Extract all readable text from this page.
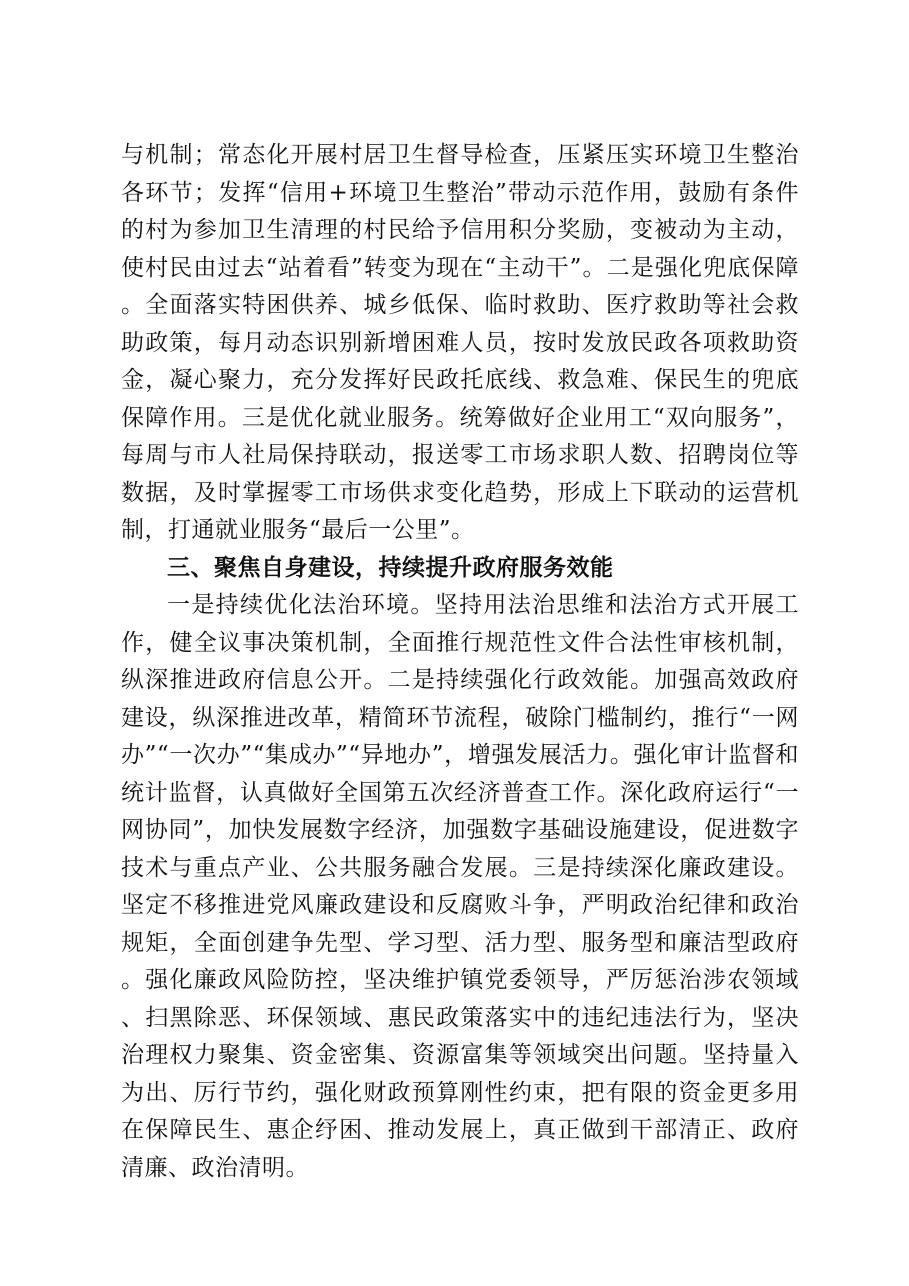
与机制；常态化开展村居卫生督导检查，压紧压实环境卫生整治各环节；发挥“信用+环境卫生整治”带动示范作用，鼓励有条件的村为参加卫生清理的村民给予信用积分奖励，变被动为主动，使村民由过去“站着看”转变为现在“主动干”。二是强化兜底保障。全面落实特困供养、城乡低保、临时救助、医疗救助等社会救助政策，每月动态识别新增困难人员，按时发放民政各项救助资金，凝心聚力，充分发挥好民政托底线、救急难、保民生的兜底保障作用。三是优化就业服务。统筹做好企业用工“双向服务”，每周与市人社局保持联动，报送零工市场求职人数、招聘岗位等数据，及时掌握零工市场供求变化趋势，形成上下联动的运营机制，打通就业服务“最后一公里”。

三、聚焦自身建设，持续提升政府服务效能

一是持续优化法治环境。坚持用法治思维和法治方式开展工作，健全议事决策机制，全面推行规范性文件合法性审核机制，纵深推进政府信息公开。二是持续强化行政效能。加强高效政府建设，纵深推进改革，精简环节流程，破除门槛制约，推行“一网办”“一次办”“集成办”“异地办”，增强发展活力。强化审计监督和统计监督，认真做好全国第五次经济普查工作。深化政府运行“一网协同”，加快发展数字经济，加强数字基础设施建设，促进数字技术与重点产业、公共服务融合发展。三是持续深化廉政建设。坚定不移推进党风廉政建设和反腐败斗争，严明政治纪律和政治规矩，全面创建争先型、学习型、活力型、服务型和廉洁型政府。强化廉政风险防控，坚决维护镇党委领导，严厉惩治涉农领域、扫黑除恶、环保领域、惠民政策落实中的违纪违法行为，坚决治理权力聚集、资金密集、资源富集等领域突出问题。坚持量入为出、厉行节约，强化财政预算刚性约束，把有限的资金更多用在保障民生、惠企纾困、推动发展上，真正做到干部清正、政府清廉、政治清明。
